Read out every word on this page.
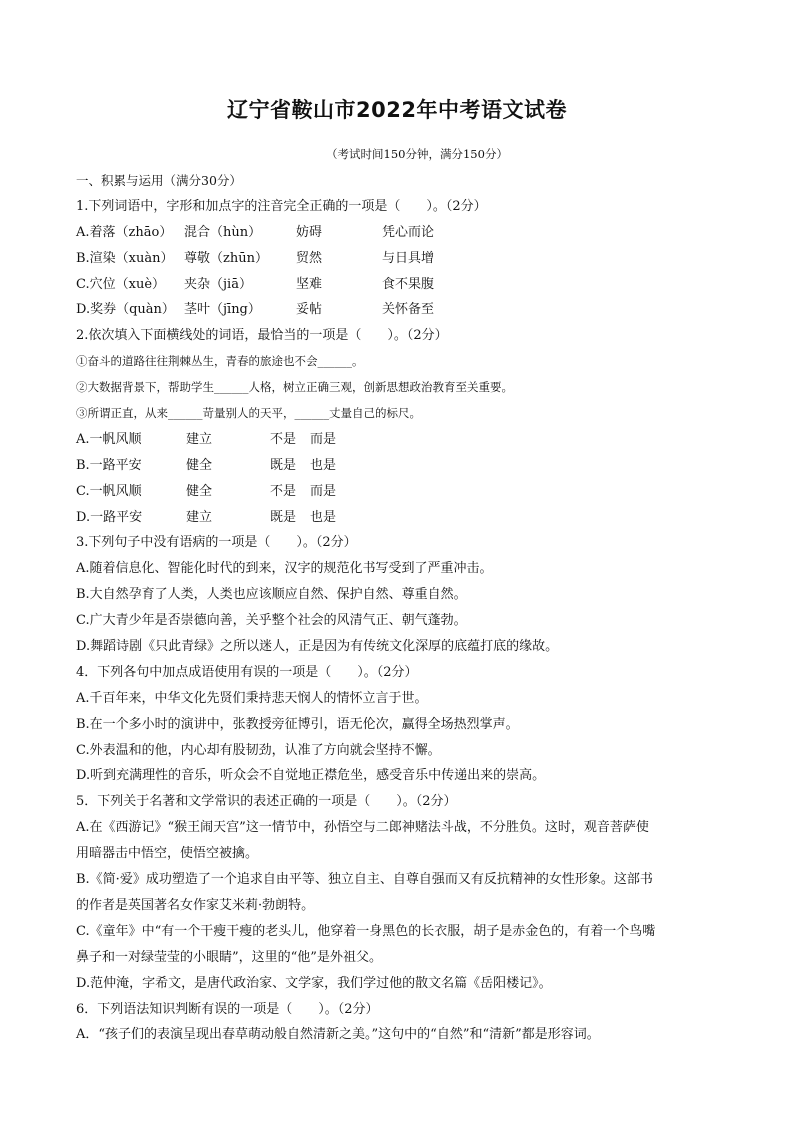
辽宁省鞍山市2022年中考语文试卷
（考试时间150分钟，满分150分）
一、积累与运用（满分30分）
1.下列词语中，字形和加点字的注音完全正确的一项是（　　）。（2分）
A.着落（zhāo） 混合（hùn）	妨碍	凭心而论
B.渲染（xuàn） 尊敬（zhūn） 贸然	与日具增
C.穴位（xuè） 夹杂（jiā）	坚难	食不果腹
D.奖券（quàn） 茎叶（jīng）	妥帖	关怀备至
2.依次填入下面横线处的词语，最恰当的一项是（　　）。（2分）
①奋斗的道路往往荆棘丛生，青春的旅途也不会______。
②大数据背景下，帮助学生______人格，树立正确三观，创新思想政治教育至关重要。
③所谓正直，从来______苛量别人的天平，______丈量自己的标尺。
A.一帆风顺	建立	不是 而是
B.一路平安	健全	既是 也是
C.一帆风顺	健全	不是 而是
D.一路平安	建立	既是 也是
3.下列句子中没有语病的一项是（　　）。（2分）
A.随着信息化、智能化时代的到来，汉字的规范化书写受到了严重冲击。
B.大自然孕育了人类，人类也应该顺应自然、保护自然、尊重自然。
C.广大青少年是否崇德向善，关乎整个社会的风清气正、朝气蓬勃。
D.舞蹈诗剧《只此青绿》之所以迷人，正是因为有传统文化深厚的底蕴打底的缘故。
4．下列各句中加点成语使用有误的一项是（　　）。（2分）
A.千百年来，中华文化先贤们秉持悲天悯人的情怀立言于世。
B.在一个多小时的演讲中，张教授旁征博引，语无伦次，赢得全场热烈掌声。
C.外表温和的他，内心却有股韧劲，认准了方向就会坚持不懈。
D.听到充满理性的音乐，听众会不自觉地正襟危坐，感受音乐中传递出来的崇高。
5．下列关于名著和文学常识的表述正确的一项是（　　）。（2分）
A.在《西游记》“猴王闹天宫”这一情节中，孙悟空与二郎神赌法斗战，不分胜负。这时，观音菩萨使
用暗器击中悟空，使悟空被擒。
B.《简·爱》成功塑造了一个追求自由平等、独立自主、自尊自强而又有反抗精神的女性形象。这部书
的作者是英国著名女作家艾米莉·勃朗特。
C.《童年》中“有一个干瘦干瘦的老头儿，他穿着一身黑色的长衣服，胡子是赤金色的，有着一个鸟嘴
鼻子和一对绿莹莹的小眼睛”，这里的“他”是外祖父。
D.范仲淹，字希文，是唐代政治家、文学家，我们学过他的散文名篇《岳阳楼记》。
6．下列语法知识判断有误的一项是（　　）。（2分）
A．“孩子们的表演呈现出春草萌动般自然清新之美。”这句中的“自然”和“清新”都是形容词。
